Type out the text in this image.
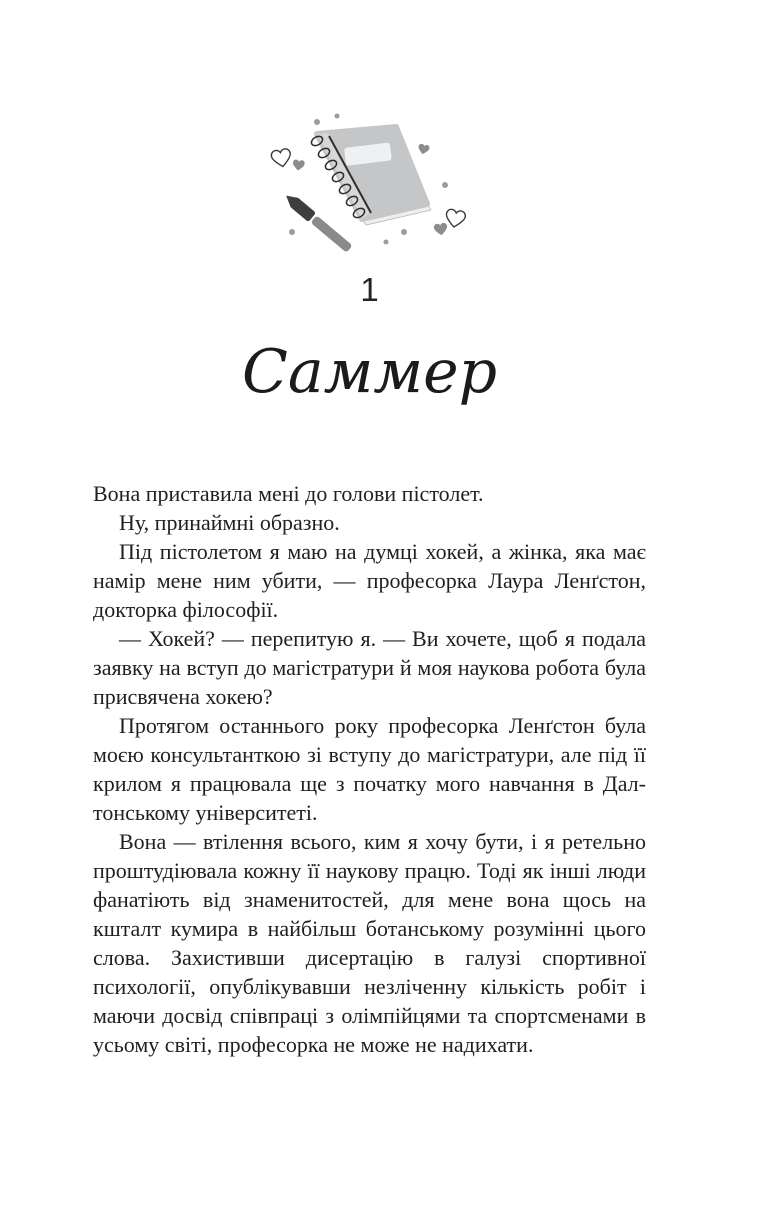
1
Саммер

Вона приставила мені до голови пістолет.

Ну, принаймні образно.

Під пістолетом я маю на думці хокей, а жінка, яка має намір мене ним убити, — професорка Лаура Ленґстон, докторка філософії.

— Хокей? — перепитую я. — Ви хочете, щоб я подала заявку на вступ до магістратури й моя наукова робота була присвячена хокею?

Протягом останнього року професорка Ленґстон була моєю консультанткою зі вступу до магістратури, але під її крилом я працювала ще з початку мого навчання в Далтонському університеті.

Вона — втілення всього, ким я хочу бути, і я ретельно проштудіювала кожну її наукову працю. Тоді як інші люди фанатіють від знаменитостей, для мене вона щось на кшталт кумира в найбільш ботанському розумінні цього слова. Захистивши дисертацію в галузі спортивної психології, опублікувавши незліченну кількість робіт і маючи досвід співпраці з олімпійцями та спортсменами в усьому світі, професорка не може не надихати.
